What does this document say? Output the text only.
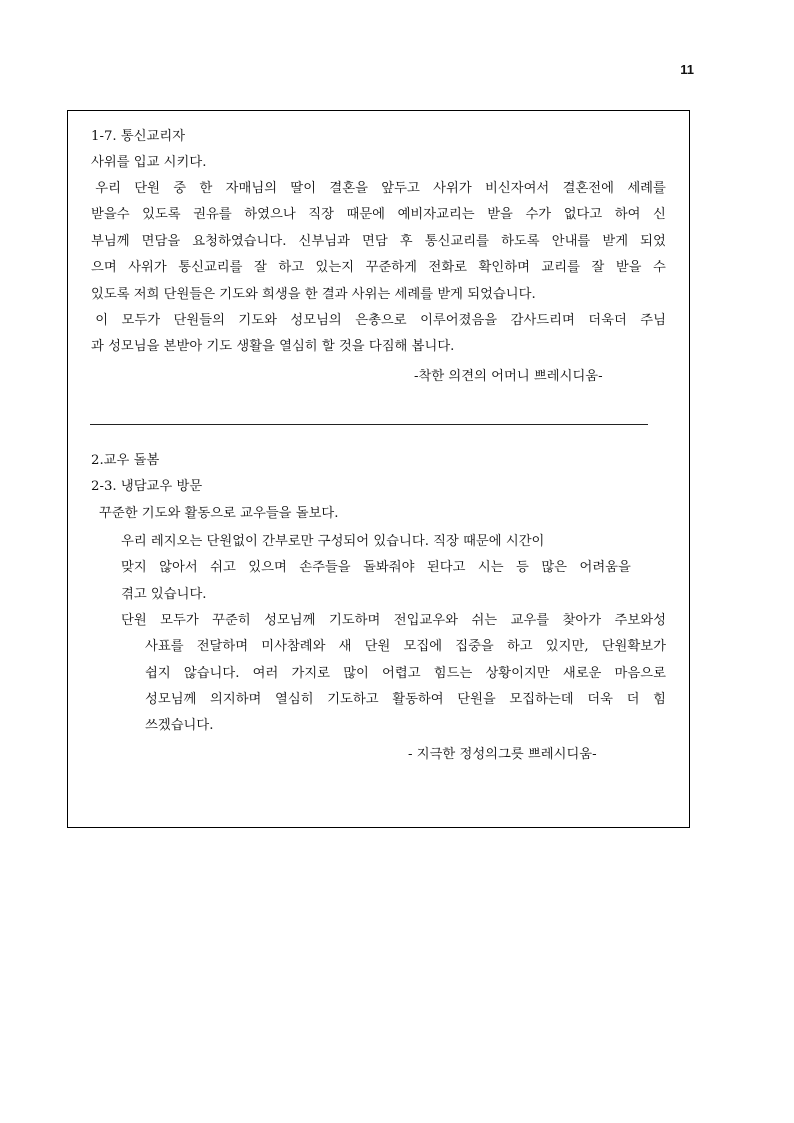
11
1-7. 통신교리자
사위를 입교 시키다.
우리 단원 중 한 자매님의 딸이 결혼을 앞두고 사위가 비신자여서 결혼전에 세례를
받을수 있도록 권유를 하였으나 직장 때문에 예비자교리는 받을 수가 없다고 하여 신
부님께 면담을 요청하였습니다. 신부님과 면담 후 통신교리를 하도록 안내를 받게 되었
으며 사위가 통신교리를 잘 하고 있는지 꾸준하게 전화로 확인하며 교리를 잘 받을 수
있도록 저희 단원들은 기도와 희생을 한 결과 사위는 세례를 받게 되었습니다.
이 모두가 단원들의 기도와 성모님의 은총으로 이루어졌음을 감사드리며 더욱더 주님
과 성모님을 본받아 기도 생활을 열심히 할 것을 다짐해 봅니다.
-착한 의견의 어머니 쁘레시디움-
2.교우 돌봄
2-3. 냉담교우 방문
꾸준한 기도와 활동으로 교우들을 돌보다.
우리 레지오는 단원없이 간부로만 구성되어 있습니다. 직장 때문에 시간이
맞지 않아서 쉬고 있으며 손주들을 돌봐줘야 된다고 시는 등 많은 어려움을
겪고 있습니다.
단원 모두가 꾸준히 성모님께 기도하며 전입교우와 쉬는 교우를 찾아가 주보와성
사표를 전달하며 미사참례와 새 단원 모집에 집중을 하고 있지만, 단원확보가
쉽지 않습니다. 여러 가지로 많이 어렵고 힘드는 상황이지만 새로운 마음으로
성모님께 의지하며 열심히 기도하고 활동하여 단원을 모집하는데 더욱 더 힘
쓰겠습니다.
- 지극한 정성의그릇 쁘레시디움-
